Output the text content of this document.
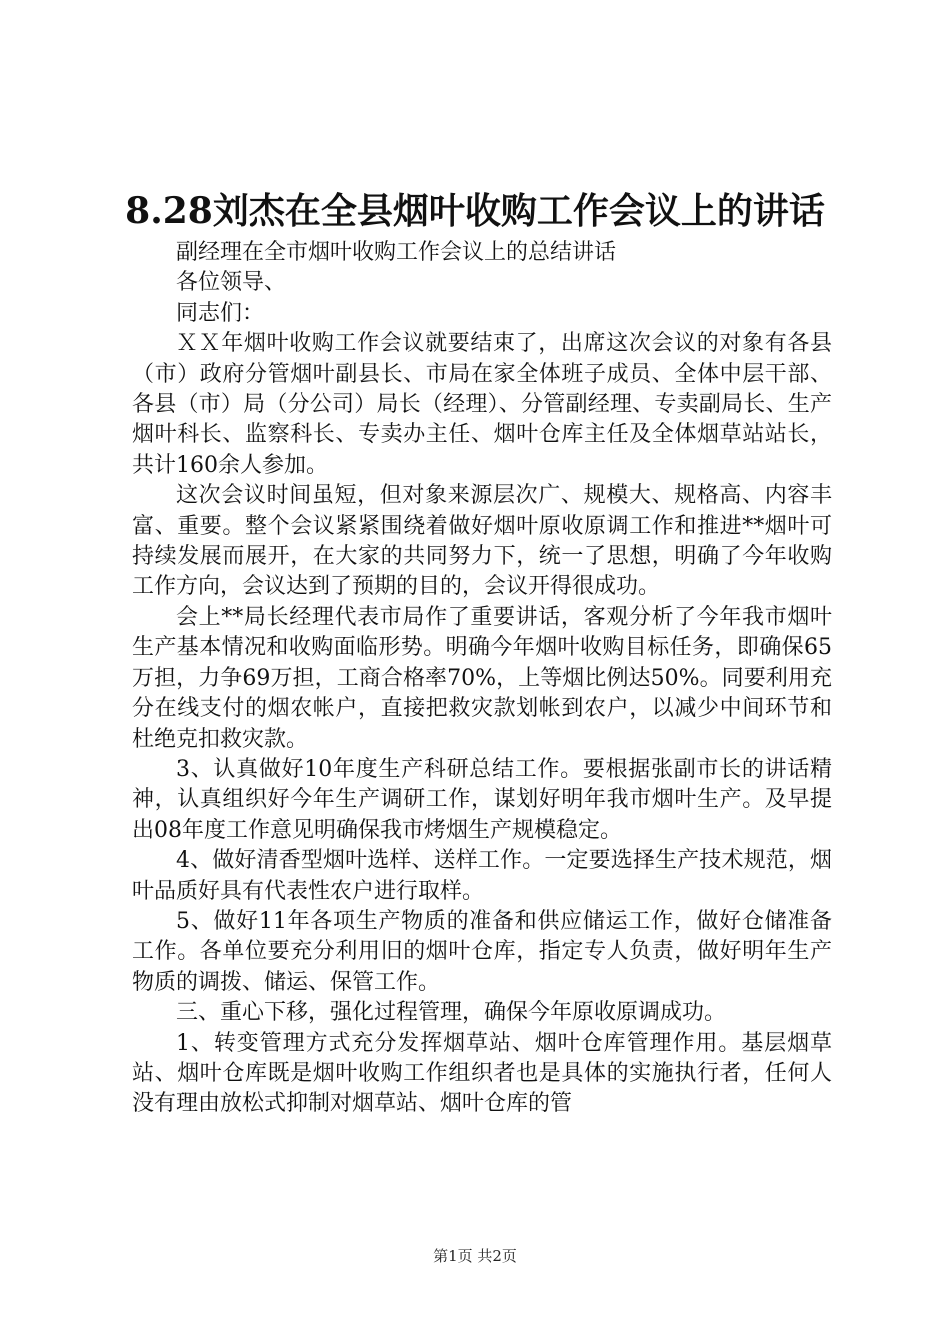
8.28刘杰在全县烟叶收购工作会议上的讲话

副经理在全市烟叶收购工作会议上的总结讲话

各位领导、

同志们：

ＸＸ年烟叶收购工作会议就要结束了，出席这次会议的对象有各县（市）政府分管烟叶副县长、市局在家全体班子成员、全体中层干部、各县（市）局（分公司）局长（经理）、分管副经理、专卖副局长、生产烟叶科长、监察科长、专卖办主任、烟叶仓库主任及全体烟草站站长，共计160余人参加。

这次会议时间虽短，但对象来源层次广、规模大、规格高、内容丰富、重要。整个会议紧紧围绕着做好烟叶原收原调工作和推进**烟叶可持续发展而展开，在大家的共同努力下，统一了思想，明确了今年收购工作方向，会议达到了预期的目的，会议开得很成功。

会上**局长经理代表市局作了重要讲话，客观分析了今年我市烟叶生产基本情况和收购面临形势。明确今年烟叶收购目标任务，即确保65万担，力争69万担，工商合格率70%，上等烟比例达50%。同要利用充分在线支付的烟农帐户，直接把救灾款划帐到农户，以减少中间环节和杜绝克扣救灾款。

3、认真做好10年度生产科研总结工作。要根据张副市长的讲话精神，认真组织好今年生产调研工作，谋划好明年我市烟叶生产。及早提出08年度工作意见明确保我市烤烟生产规模稳定。

4、做好清香型烟叶选样、送样工作。一定要选择生产技术规范，烟叶品质好具有代表性农户进行取样。

5、做好11年各项生产物质的准备和供应储运工作，做好仓储准备工作。各单位要充分利用旧的烟叶仓库，指定专人负责，做好明年生产物质的调拨、储运、保管工作。

三、重心下移，强化过程管理，确保今年原收原调成功。

1、转变管理方式充分发挥烟草站、烟叶仓库管理作用。基层烟草站、烟叶仓库既是烟叶收购工作组织者也是具体的实施执行者，任何人没有理由放松式抑制对烟草站、烟叶仓库的管

第1页 共2页
